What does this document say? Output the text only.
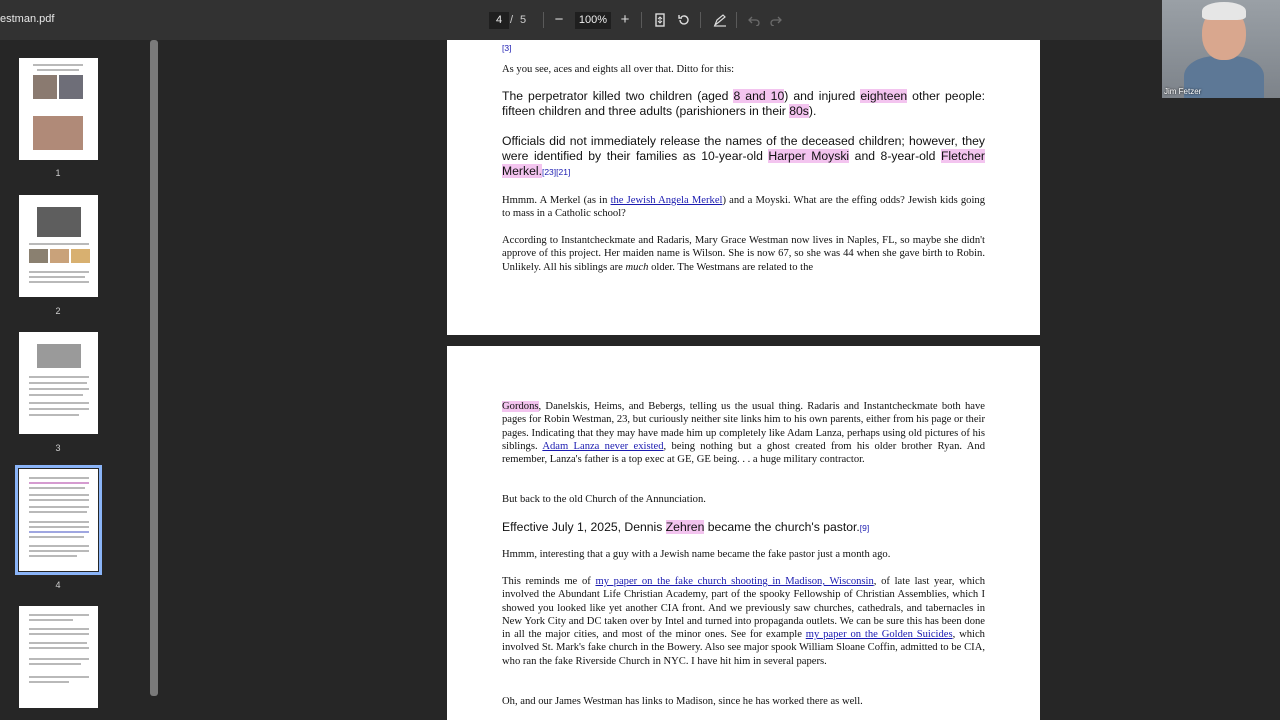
estman.pdf	4 / 5	−	100% +
Jim Fetzer
1
2
3
4
[3]
As you see, aces and eights all over that. Ditto for this:
The perpetrator killed two children (aged 8 and 10) and injured eighteen other people: fifteen children and three adults (parishioners in their 80s).
Officials did not immediately release the names of the deceased children; however, they were identified by their families as 10-year-old Harper Moyski and 8-year-old Fletcher Merkel.[23][21]
Hmmm. A Merkel (as in the Jewish Angela Merkel) and a Moyski. What are the effing odds? Jewish kids going to mass in a Catholic school?
According to Instantcheckmate and Radaris, Mary Grace Westman now lives in Naples, FL, so maybe she didn't approve of this project. Her maiden name is Wilson. She is now 67, so she was 44 when she gave birth to Robin. Unlikely. All his siblings are much older. The Westmans are related to the
Gordons, Danelskis, Heims, and Bebergs, telling us the usual thing. Radaris and Instantcheckmate both have pages for Robin Westman, 23, but curiously neither site links him to his own parents, either from his page or their pages. Indicating that they may have made him up completely like Adam Lanza, perhaps using old pictures of his siblings. Adam Lanza never existed, being nothing but a ghost created from his older brother Ryan. And remember, Lanza's father is a top exec at GE, GE being. . . a huge military contractor.
But back to the old Church of the Annunciation.
Effective July 1, 2025, Dennis Zehren became the church's pastor.[9]
Hmmm, interesting that a guy with a Jewish name became the fake pastor just a month ago.
This reminds me of my paper on the fake church shooting in Madison, Wisconsin, of late last year, which involved the Abundant Life Christian Academy, part of the spooky Fellowship of Christian Assemblies, which I showed you looked like yet another CIA front. And we previously saw churches, cathedrals, and tabernacles in New York City and DC taken over by Intel and turned into propaganda outlets. We can be sure this has been done in all the major cities, and most of the minor ones. See for example my paper on the Golden Suicides, which involved St. Mark's fake church in the Bowery. Also see major spook William Sloane Coffin, admitted to be CIA, who ran the fake Riverside Church in NYC. I have hit him in several papers.
Oh, and our James Westman has links to Madison, since he has worked there as well.
